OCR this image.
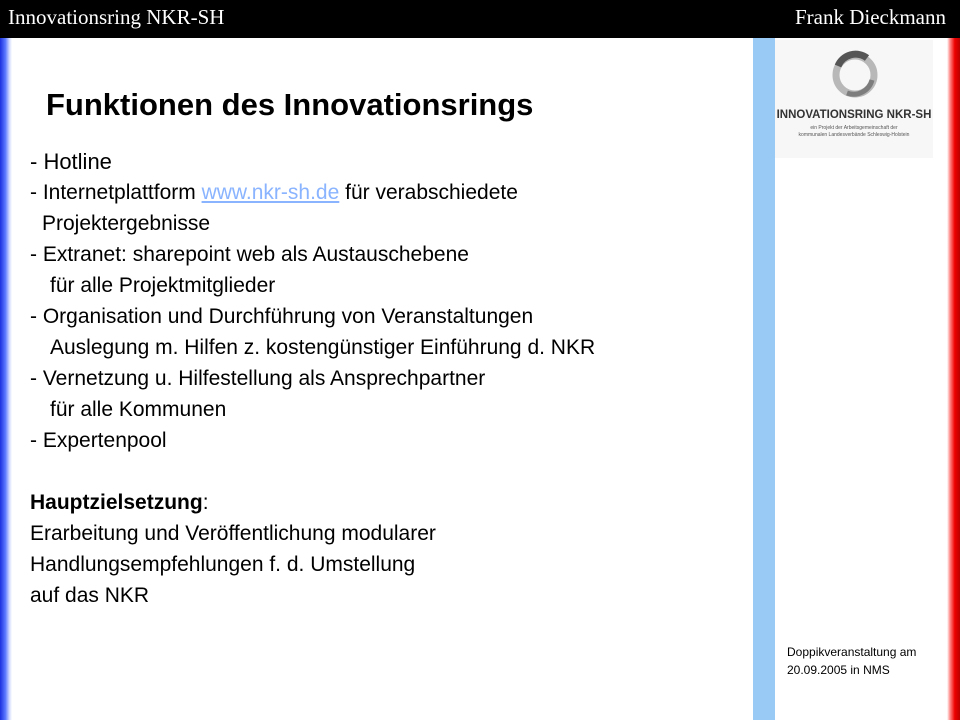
Innovationsring NKR-SH	Frank Dieckmann
INNOVATIONSRING NKR-SH
ein Projekt der Arbeitsgemeinschaft der
kommunalen Landesverbände Schleswig-Holstein
Funktionen des Innovationsrings
- Hotline
- Internetplattform www.nkr-sh.de für verabschiedete
Projektergebnisse
- Extranet: sharepoint web als Austauschebene
für alle Projektmitglieder
- Organisation und Durchführung von Veranstaltungen
Auslegung m. Hilfen z. kostengünstiger Einführung d. NKR
- Vernetzung u. Hilfestellung als Ansprechpartner
für alle Kommunen
- Expertenpool
Hauptzielsetzung:
Erarbeitung und Veröffentlichung modularer
Handlungsempfehlungen f. d. Umstellung
auf das NKR
Doppikveranstaltung am
20.09.2005 in NMS
